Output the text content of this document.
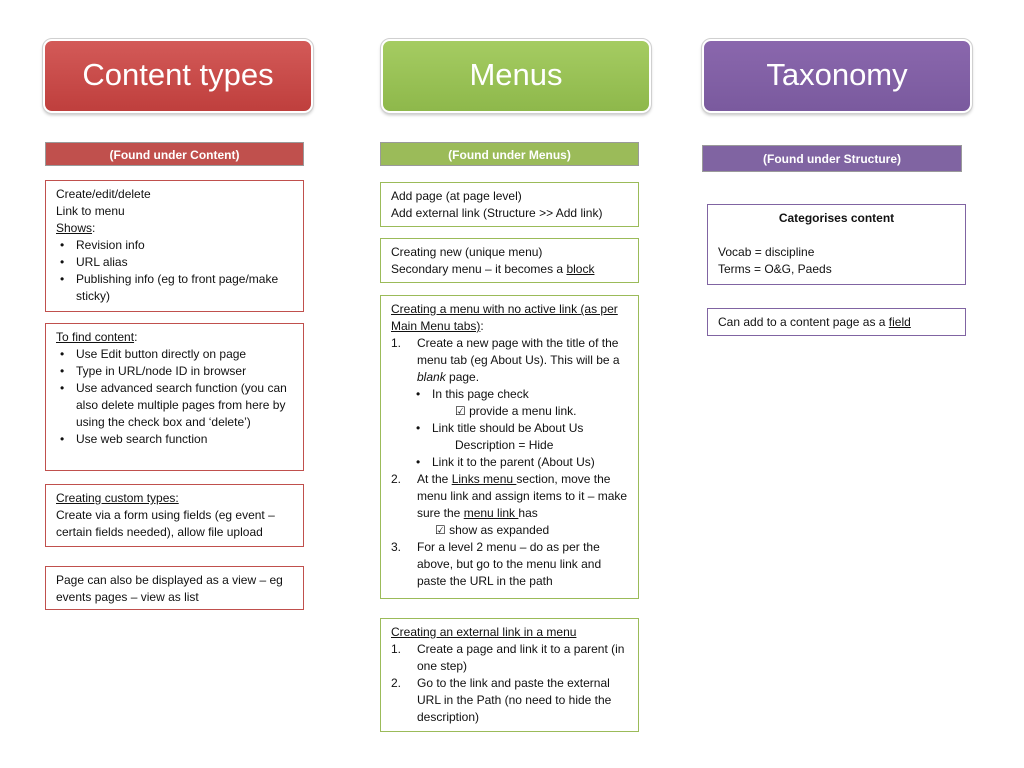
Content types	Menus	Taxonomy
(Found under Content)	(Found under Menus)	(Found under Structure)

Create/edit/delete

Link to menu

Shows:

• Revision info
• URL alias
• Publishing info (eg to front page/make sticky)

To find content:

• Use Edit button directly on page
• Type in URL/node ID in browser
• Use advanced search function (you can also delete multiple pages from here by using the check box and ‘delete’)
• Use web search function

Creating custom types:

Create via a form using fields (eg event – certain fields needed), allow file upload

Page can also be displayed as a view – eg events pages – view as list

Add page (at page level)

Add external link (Structure >> Add link)

Creating new (unique menu)

Secondary menu – it becomes a block

Creating a menu with no active link (as per Main Menu tabs):

1. Create a new page with the title of the menu tab (eg About Us). This will be a blank page.
• In this page check
☑ provide a menu link.
• Link title should be About Us
Description = Hide
• Link it to the parent (About Us)
2. At the Links menu section, move the menu link and assign items to it – make sure the menu link has
☑ show as expanded
3. For a level 2 menu – do as per the above, but go to the menu link and paste the URL in the path

Creating an external link in a menu

1. Create a page and link it to a parent (in one step)
2. Go to the link and paste the external URL in the Path (no need to hide the description)

Categorises content

Vocab = discipline

Terms = O&G, Paeds

Can add to a content page as a field
